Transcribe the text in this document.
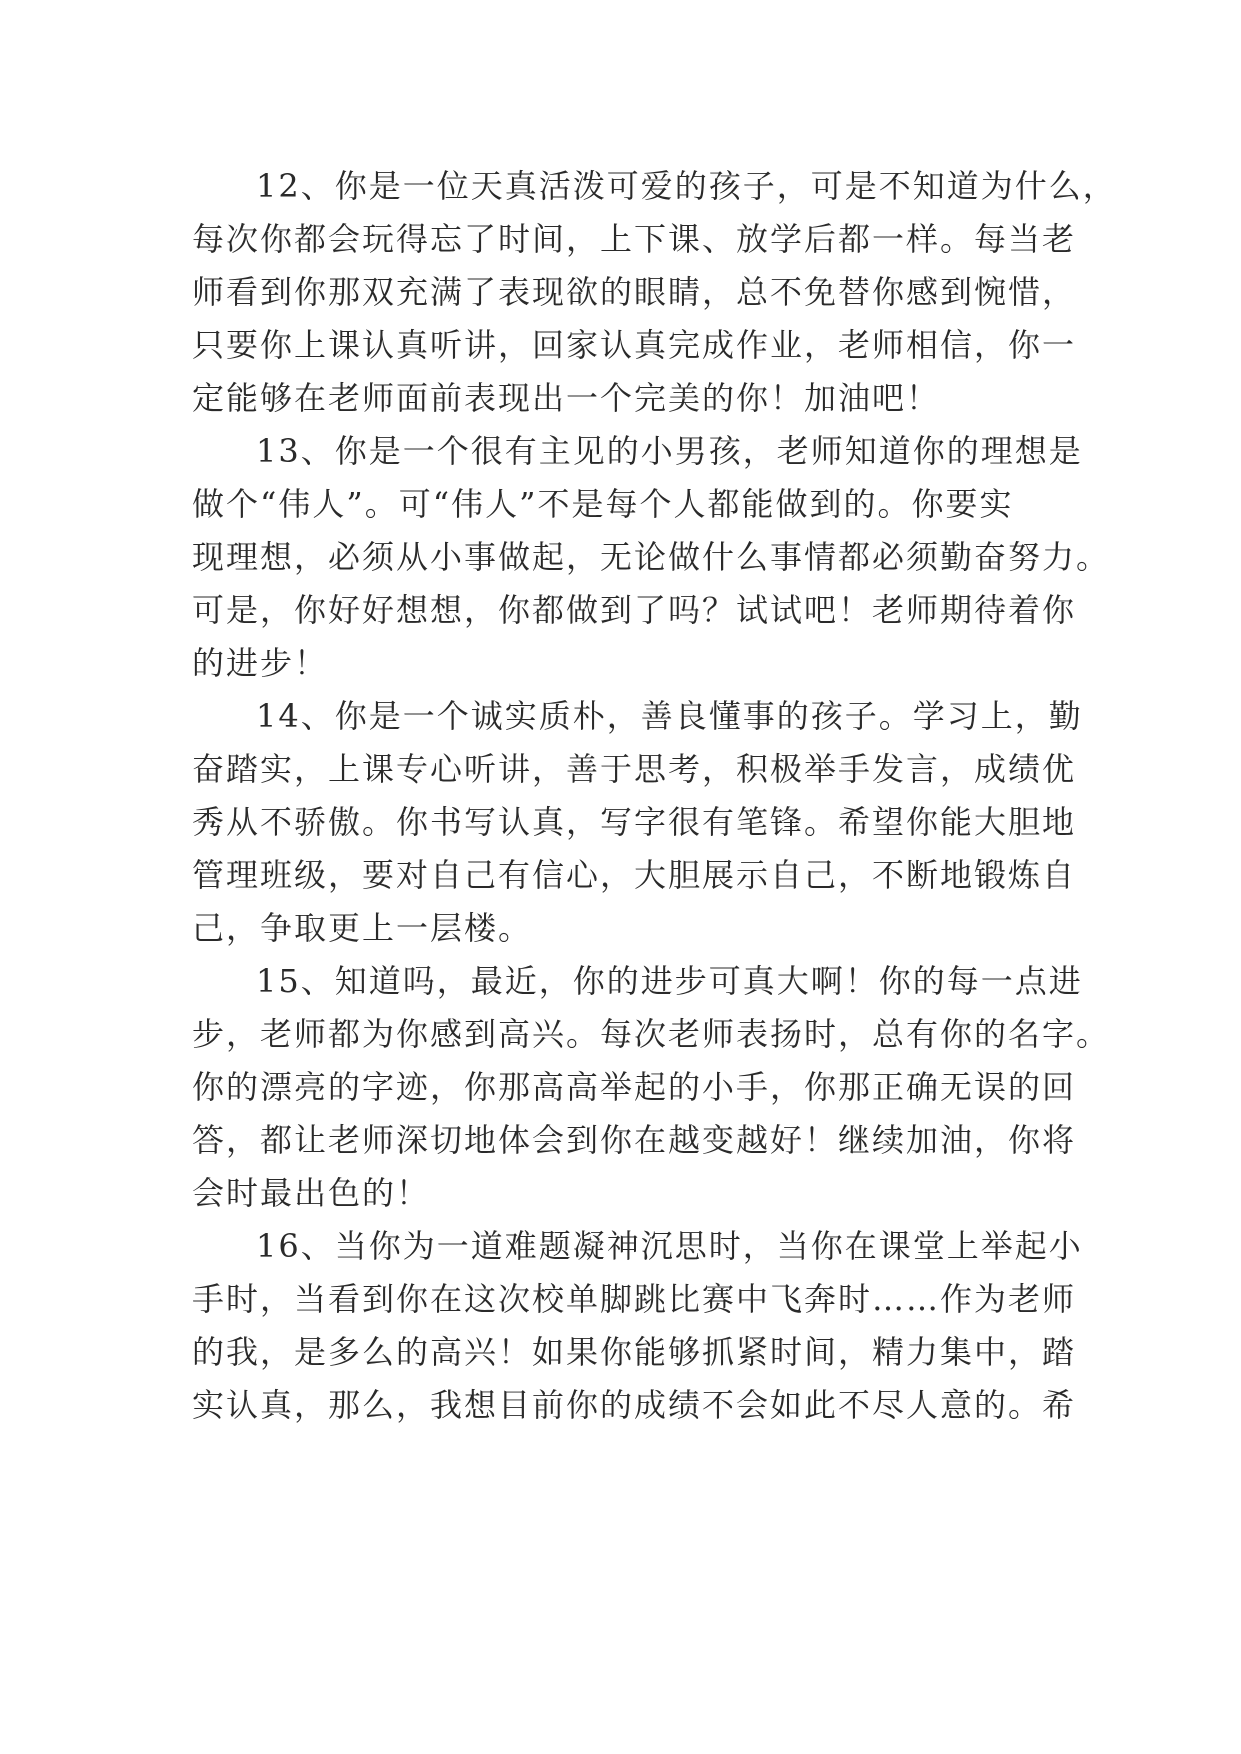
12、你是一位天真活泼可爱的孩子，可是不知道为什么，
每次你都会玩得忘了时间，上下课、放学后都一样。每当老
师看到你那双充满了表现欲的眼睛，总不免替你感到惋惜，
只要你上课认真听讲，回家认真完成作业，老师相信，你一
定能够在老师面前表现出一个完美的你！加油吧！
13、你是一个很有主见的小男孩，老师知道你的理想是
做个“伟人”。可“伟人”不是每个人都能做到的。你要实
现理想，必须从小事做起，无论做什么事情都必须勤奋努力。
可是，你好好想想，你都做到了吗？试试吧！老师期待着你
的进步！
14、你是一个诚实质朴，善良懂事的孩子。学习上，勤
奋踏实，上课专心听讲，善于思考，积极举手发言，成绩优
秀从不骄傲。你书写认真，写字很有笔锋。希望你能大胆地
管理班级，要对自己有信心，大胆展示自己，不断地锻炼自
己，争取更上一层楼。
15、知道吗，最近，你的进步可真大啊！你的每一点进
步，老师都为你感到高兴。每次老师表扬时，总有你的名字。
你的漂亮的字迹，你那高高举起的小手，你那正确无误的回
答，都让老师深切地体会到你在越变越好！继续加油，你将
会时最出色的！
16、当你为一道难题凝神沉思时，当你在课堂上举起小
手时，当看到你在这次校单脚跳比赛中飞奔时……作为老师
的我，是多么的高兴！如果你能够抓紧时间，精力集中，踏
实认真，那么，我想目前你的成绩不会如此不尽人意的。希
